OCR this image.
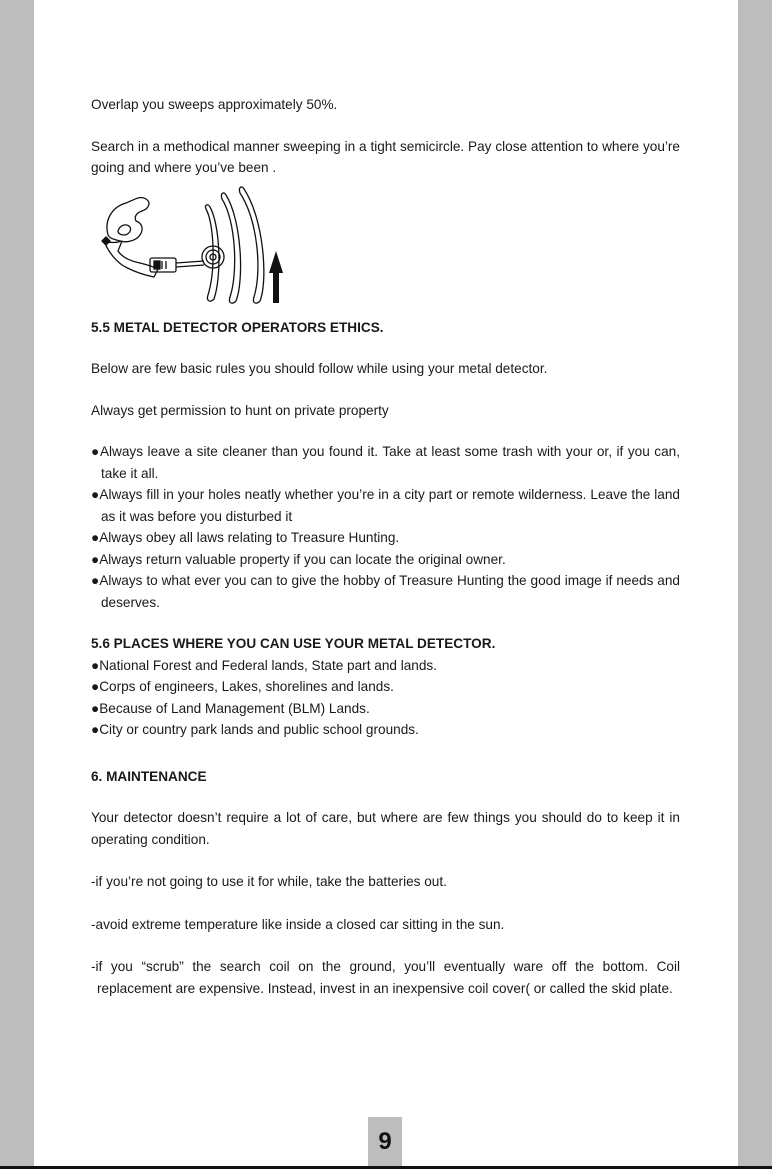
Overlap you sweeps approximately 50%.

Search in a methodical manner sweeping in a tight semicircle. Pay close attention to where you’re going and where you’ve been .

5.5 METAL DETECTOR OPERATORS ETHICS.

Below are few basic rules you should follow while using your metal detector.

Always get permission to hunt on private property

●Always leave a site cleaner than you found it. Take at least some trash with your or, if you can, take it all.

●Always fill in your holes neatly whether you’re in a city part or remote wilderness. Leave the land as it was before you disturbed it

●Always obey all laws relating to Treasure Hunting.

●Always return valuable property if you can locate the original owner.

●Always to what ever you can to give the hobby of Treasure Hunting the good image if needs and deserves.

5.6 PLACES WHERE YOU CAN USE YOUR METAL DETECTOR.

●National Forest and Federal lands, State part and lands.

●Corps of engineers, Lakes, shorelines and lands.

●Because of Land Management (BLM) Lands.

●City or country park lands and public school grounds.

6. MAINTENANCE

Your detector doesn’t require a lot of care, but where are few things you should do to keep it in operating condition.

-if you’re not going to use it for while, take the batteries out.

-avoid extreme temperature like inside a closed car sitting in the sun.

-if you “scrub” the search coil on the ground, you’ll eventually ware off the bottom. Coil replacement are expensive. Instead, invest in an inexpensive coil cover( or called the skid plate.

9
